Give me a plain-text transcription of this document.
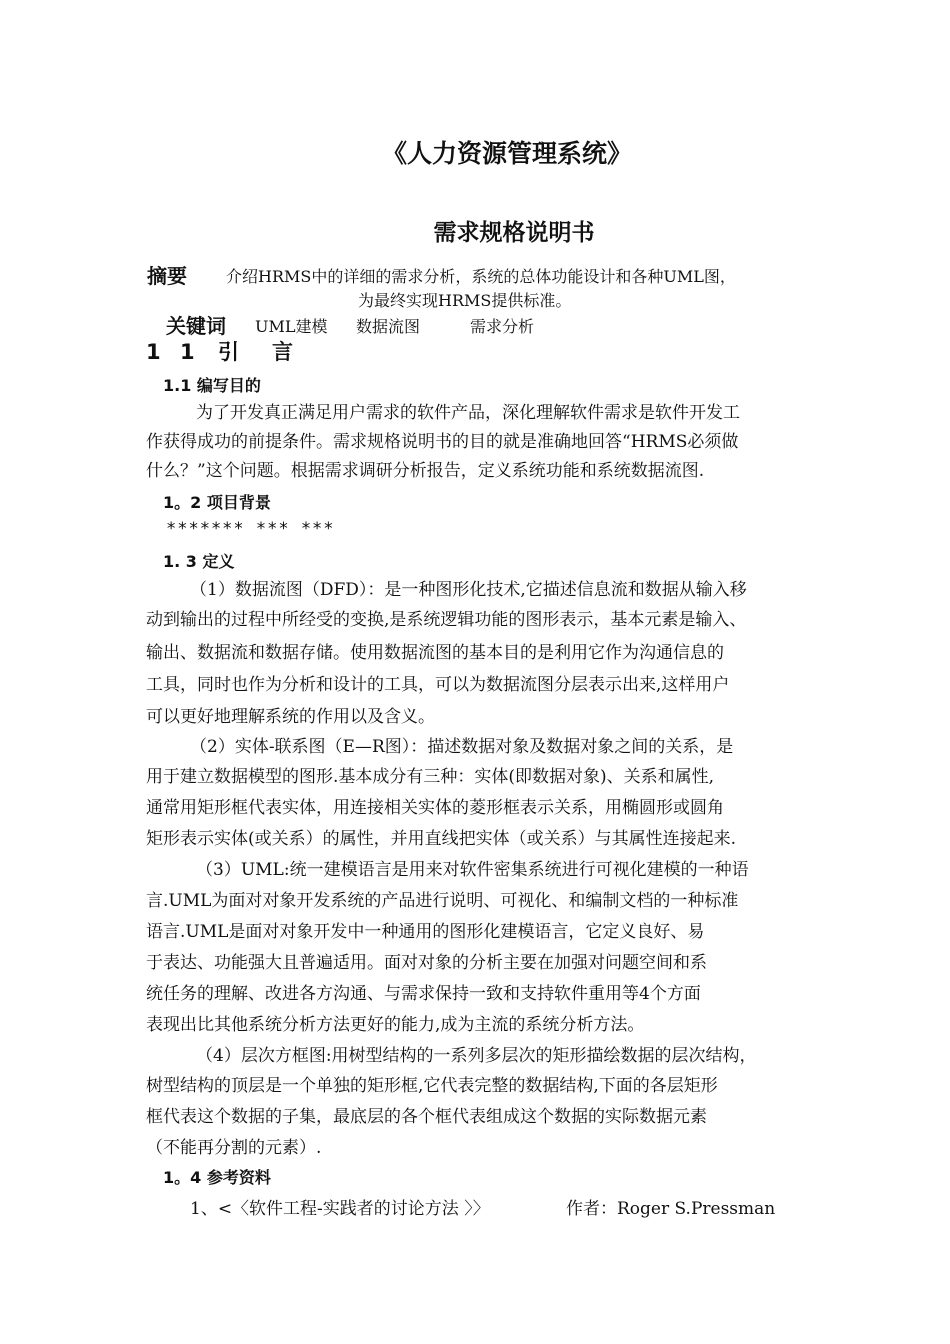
《人力资源管理系统》
需求规格说明书
摘要 介绍HRMS中的详细的需求分析，系统的总体功能设计和各种UML图，
为最终实现HRMS提供标准。
关键词 UML建模 数据流图	需求分析
1 1 引 言
1.1 编写目的
为了开发真正满足用户需求的软件产品，深化理解软件需求是软件开发工
作获得成功的前提条件。需求规格说明书的目的就是准确地回答“HRMS必须做
什么？”这个问题。根据需求调研分析报告，定义系统功能和系统数据流图.
1。2 项目背景
******* *** ***
1. 3 定义
（1）数据流图（DFD）：是一种图形化技术,它描述信息流和数据从输入移
动到输出的过程中所经受的变换,是系统逻辑功能的图形表示，基本元素是输入、
输出、数据流和数据存储。使用数据流图的基本目的是利用它作为沟通信息的
工具，同时也作为分析和设计的工具，可以为数据流图分层表示出来,这样用户
可以更好地理解系统的作用以及含义。
（2）实体-联系图（E—R图）：描述数据对象及数据对象之间的关系，是
用于建立数据模型的图形.基本成分有三种：实体(即数据对象)、关系和属性,
通常用矩形框代表实体，用连接相关实体的菱形框表示关系，用椭圆形或圆角
矩形表示实体(或关系）的属性，并用直线把实体（或关系）与其属性连接起来.
（3）UML:统一建模语言是用来对软件密集系统进行可视化建模的一种语
言.UML为面对对象开发系统的产品进行说明、可视化、和编制文档的一种标准
语言.UML是面对对象开发中一种通用的图形化建模语言，它定义良好、易
于表达、功能强大且普遍适用。面对对象的分析主要在加强对问题空间和系
统任务的理解、改进各方沟通、与需求保持一致和支持软件重用等4个方面
表现出比其他系统分析方法更好的能力,成为主流的系统分析方法。
（4）层次方框图:用树型结构的一系列多层次的矩形描绘数据的层次结构，
树型结构的顶层是一个单独的矩形框,它代表完整的数据结构,下面的各层矩形
框代表这个数据的子集，最底层的各个框代表组成这个数据的实际数据元素
（不能再分割的元素）.
1。4 参考资料
1、<〈软件工程-实践者的讨论方法 〉〉	作者：Roger S.Pressman
